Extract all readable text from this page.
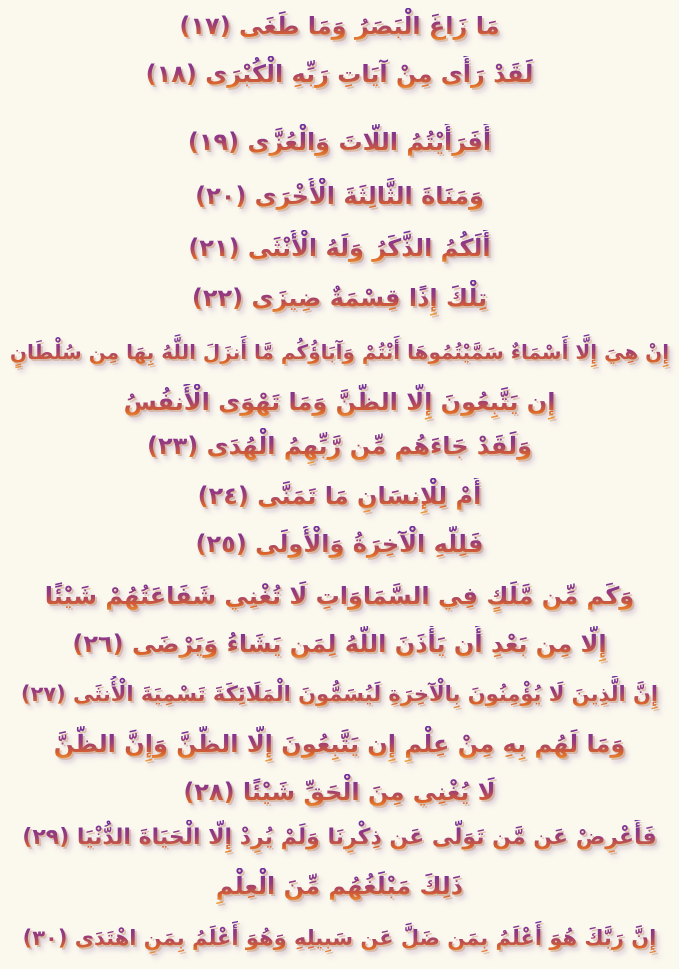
مَا زَاغَ الْبَصَرُ وَمَا طَغَى (١٧)
لَقَدْ رَأَى مِنْ آيَاتِ رَبِّهِ الْكُبْرَى (١٨)
أَفَرَأَيْتُمُ اللَّاتَ وَالْعُزَّى (١٩)
وَمَنَاةَ الثَّالِثَةَ الْأُخْرَى (٢٠)
أَلَكُمُ الذَّكَرُ وَلَهُ الْأُنْثَى (٢١)
تِلْكَ إِذًا قِسْمَةٌ ضِيزَى (٢٢)
إِنْ هِيَ إِلَّا أَسْمَاءٌ سَمَّيْتُمُوهَا أَنْتُمْ وَآبَاؤُكُم مَّا أَنزَلَ اللَّهُ بِهَا مِن سُلْطَانٍ
إِن يَتَّبِعُونَ إِلَّا الظَّنَّ وَمَا تَهْوَى الْأَنفُسُ
وَلَقَدْ جَاءَهُم مِّن رَّبِّهِمُ الْهُدَى (٢٣)
أَمْ لِلْإِنسَانِ مَا تَمَنَّى (٢٤)
فَلِلَّهِ الْآخِرَةُ وَالْأُولَى (٢٥)
وَكَم مِّن مَّلَكٍ فِي السَّمَاوَاتِ لَا تُغْنِي شَفَاعَتُهُمْ شَيْئًا
إِلَّا مِن بَعْدِ أَن يَأْذَنَ اللَّهُ لِمَن يَشَاءُ وَيَرْضَى (٢٦)
إِنَّ الَّذِينَ لَا يُؤْمِنُونَ بِالْآخِرَةِ لَيُسَمُّونَ الْمَلَائِكَةَ تَسْمِيَةَ الْأُنثَى (٢٧)
وَمَا لَهُم بِهِ مِنْ عِلْمٍ إِن يَتَّبِعُونَ إِلَّا الظَّنَّ وَإِنَّ الظَّنَّ
لَا يُغْنِي مِنَ الْحَقِّ شَيْئًا (٢٨)
فَأَعْرِضْ عَن مَّن تَوَلَّى عَن ذِكْرِنَا وَلَمْ يُرِدْ إِلَّا الْحَيَاةَ الدُّنْيَا (٢٩)
ذَلِكَ مَبْلَغُهُم مِّنَ الْعِلْمِ
إِنَّ رَبَّكَ هُوَ أَعْلَمُ بِمَن ضَلَّ عَن سَبِيلِهِ وَهُوَ أَعْلَمُ بِمَنِ اهْتَدَى (٣٠)
